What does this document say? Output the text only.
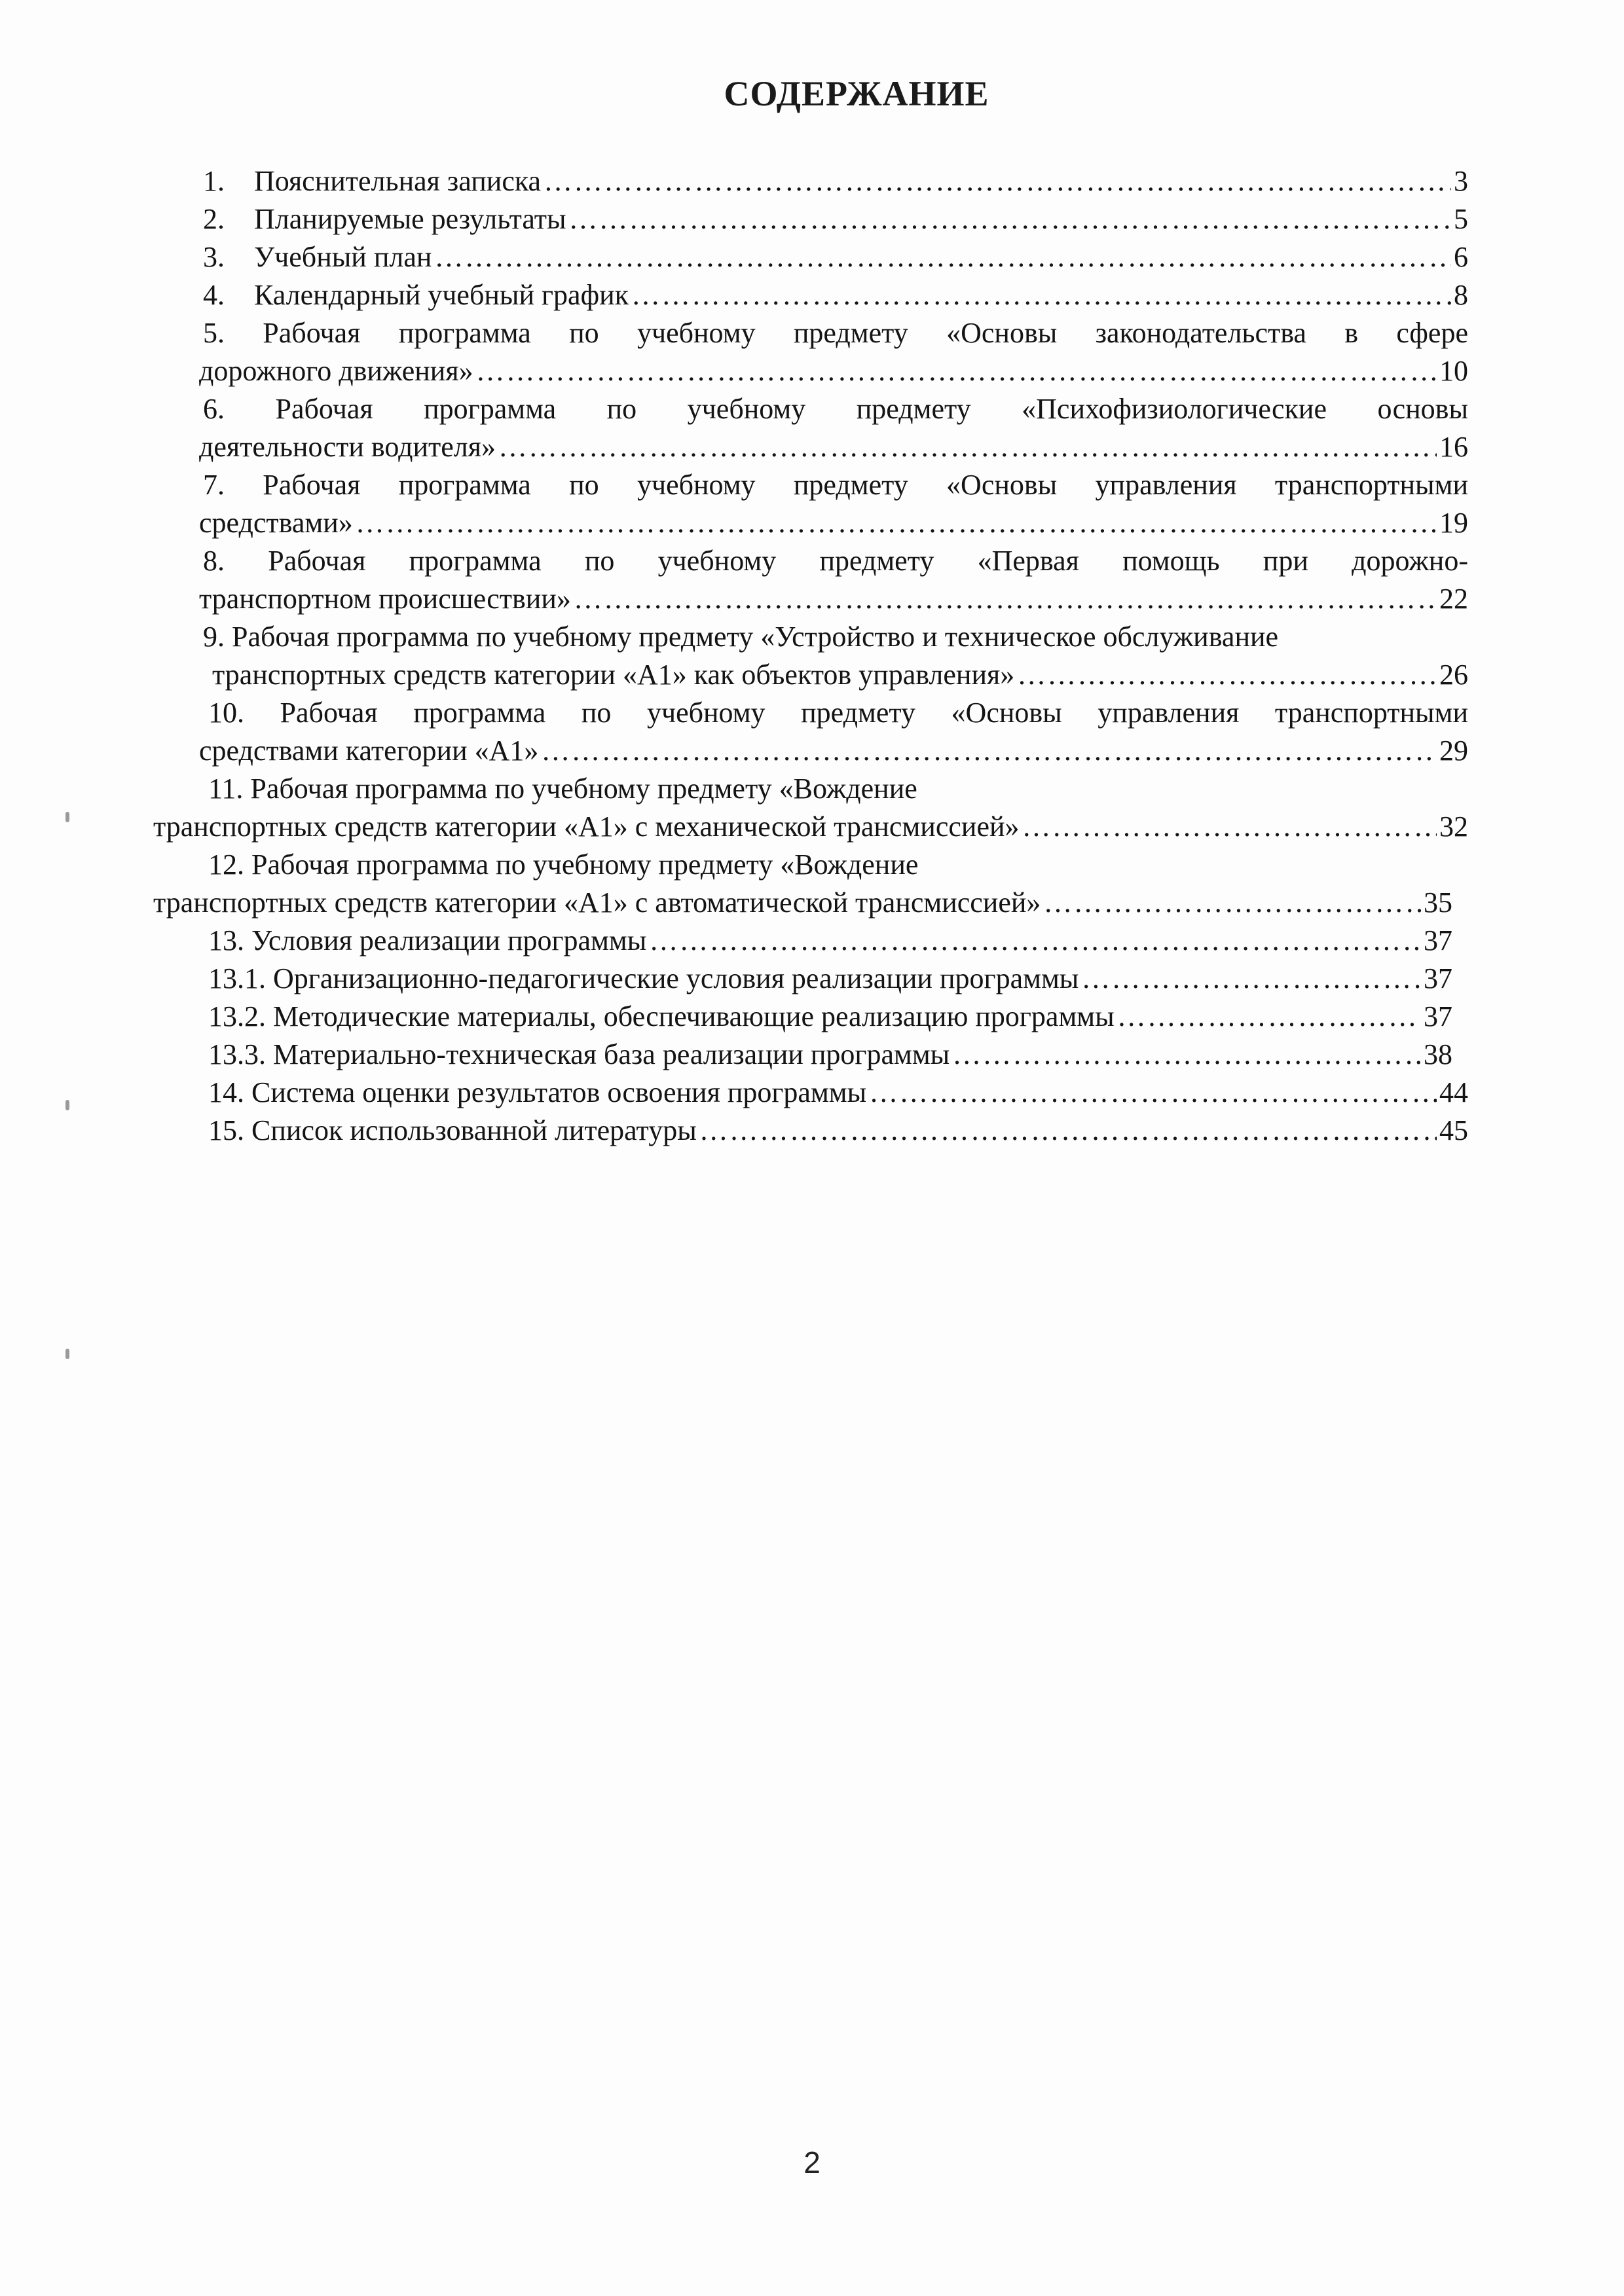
СОДЕРЖАНИЕ
1.	Пояснительная записка ……………………………………………………………………………………………………………………………………………………………………………………………………	3
2.	Планируемые результаты ……………………………………………………………………………………………………………………………………………………………………………………………………	5
3.	Учебный план ……………………………………………………………………………………………………………………………………………………………………………………………………	6
4.	Календарный учебный график ……………………………………………………………………………………………………………………………………………………………………………………………………	8
5. Рабочая программа по учебному предмету «Основы законодательства в сфере
дорожного движения» ……………………………………………………………………………………………………………………………………………………………………………………………………	10
6. Рабочая программа по учебному предмету «Психофизиологические основы
деятельности водителя» ……………………………………………………………………………………………………………………………………………………………………………………………………	16
7. Рабочая программа по учебному предмету «Основы управления транспортными
средствами» ……………………………………………………………………………………………………………………………………………………………………………………………………	19
8. Рабочая программа по учебному предмету «Первая помощь при дорожно-
транспортном происшествии» ……………………………………………………………………………………………………………………………………………………………………………………………………	22
9. Рабочая программа по учебному предмету «Устройство и техническое обслуживание
транспортных средств категории «А1» как объектов управления» ……………………………………………………………………………………………………………………………………………………………………………………………………	26
10. Рабочая программа по учебному предмету «Основы управления транспортными
средствами категории «А1» ……………………………………………………………………………………………………………………………………………………………………………………………………	29
11. Рабочая программа по учебному предмету «Вождение
транспортных средств категории «А1» с механической трансмиссией» ……………………………………………………………………………………………………………………………………………………………………………………………………	32
12. Рабочая программа по учебному предмету «Вождение
транспортных средств категории «А1» с автоматической трансмиссией» ……………………………………………………………………………………………………………………………………………………………………………………………………	35
13. Условия реализации программы ……………………………………………………………………………………………………………………………………………………………………………………………………	37
13.1. Организационно-педагогические условия реализации программы ……………………………………………………………………………………………………………………………………………………………………………………………………	37
13.2. Методические материалы, обеспечивающие реализацию программы ……………………………………………………………………………………………………………………………………………………………………………………………………	37
13.3. Материально-техническая база реализации программы ……………………………………………………………………………………………………………………………………………………………………………………………………	38
14. Система оценки результатов освоения программы ……………………………………………………………………………………………………………………………………………………………………………………………………	44
15. Список использованной литературы ……………………………………………………………………………………………………………………………………………………………………………………………………	45
2
